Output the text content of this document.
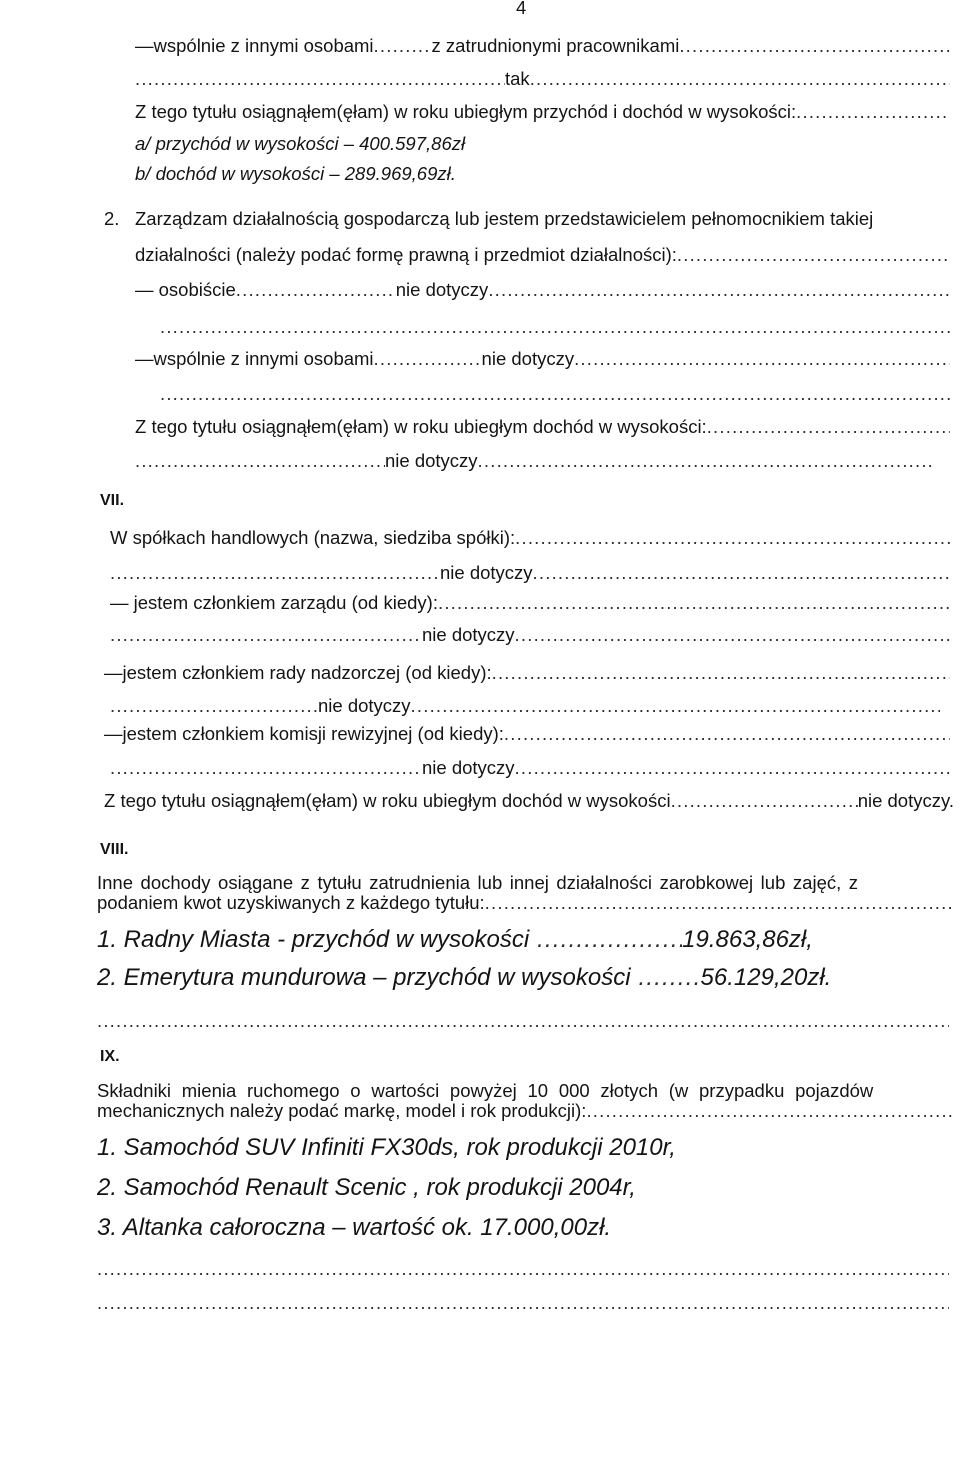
4
—wspólnie z innymi osobami .....	z zatrudnionymi pracownikami
.....
.....
tak
.....
Z tego tytułu osiągnąłem(ęłam) w roku ubiegłym przychód i dochód w wysokości:
.....
a/ przychód w wysokości – 400.597,86zł
b/ dochód w wysokości – 289.969,69zł.
2. Zarządzam działalnością gospodarczą lub jestem przedstawicielem pełnomocnikiem takiej
działalności (należy podać formę prawną i przedmiot działalności):
.....
— osobiście .....	nie dotyczy
.....
.....
—wspólnie z innymi osobami .....	nie dotyczy
.....
.....
Z tego tytułu osiągnąłem(ęłam) w roku ubiegłym dochód w wysokości:
.....
.....
nie dotyczy
.....
VII.
W spółkach handlowych (nazwa, siedziba spółki):
.....
.....
nie dotyczy
.....
— jestem członkiem zarządu (od kiedy):
.....
.....
nie dotyczy
.....
—jestem członkiem rady nadzorczej (od kiedy):
.....
.....
nie dotyczy
.....
—jestem członkiem komisji rewizyjnej (od kiedy):
.....
.....
nie dotyczy
.....
Z tego tytułu osiągnąłem(ęłam) w roku ubiegłym dochód w wysokości .....	nie dotyczy.
VIII.
Inne dochody osiągane z tytułu zatrudnienia lub innej działalności zarobkowej lub zajęć, z
podaniem kwot uzyskiwanych z każdego tytułu:
.....
1. Radny Miasta - przychód w wysokości .....	19.863,86zł,
2. Emerytura mundurowa – przychód w wysokości .....	56.129,20zł.
.....
IX.
Składniki mienia ruchomego o wartości powyżej 10 000 złotych (w przypadku pojazdów
mechanicznych należy podać markę, model i rok produkcji):
.....
1. Samochód SUV Infiniti FX30ds, rok produkcji 2010r,
2. Samochód Renault Scenic , rok produkcji 2004r,
3. Altanka całoroczna – wartość ok. 17.000,00zł.
.....
.....
